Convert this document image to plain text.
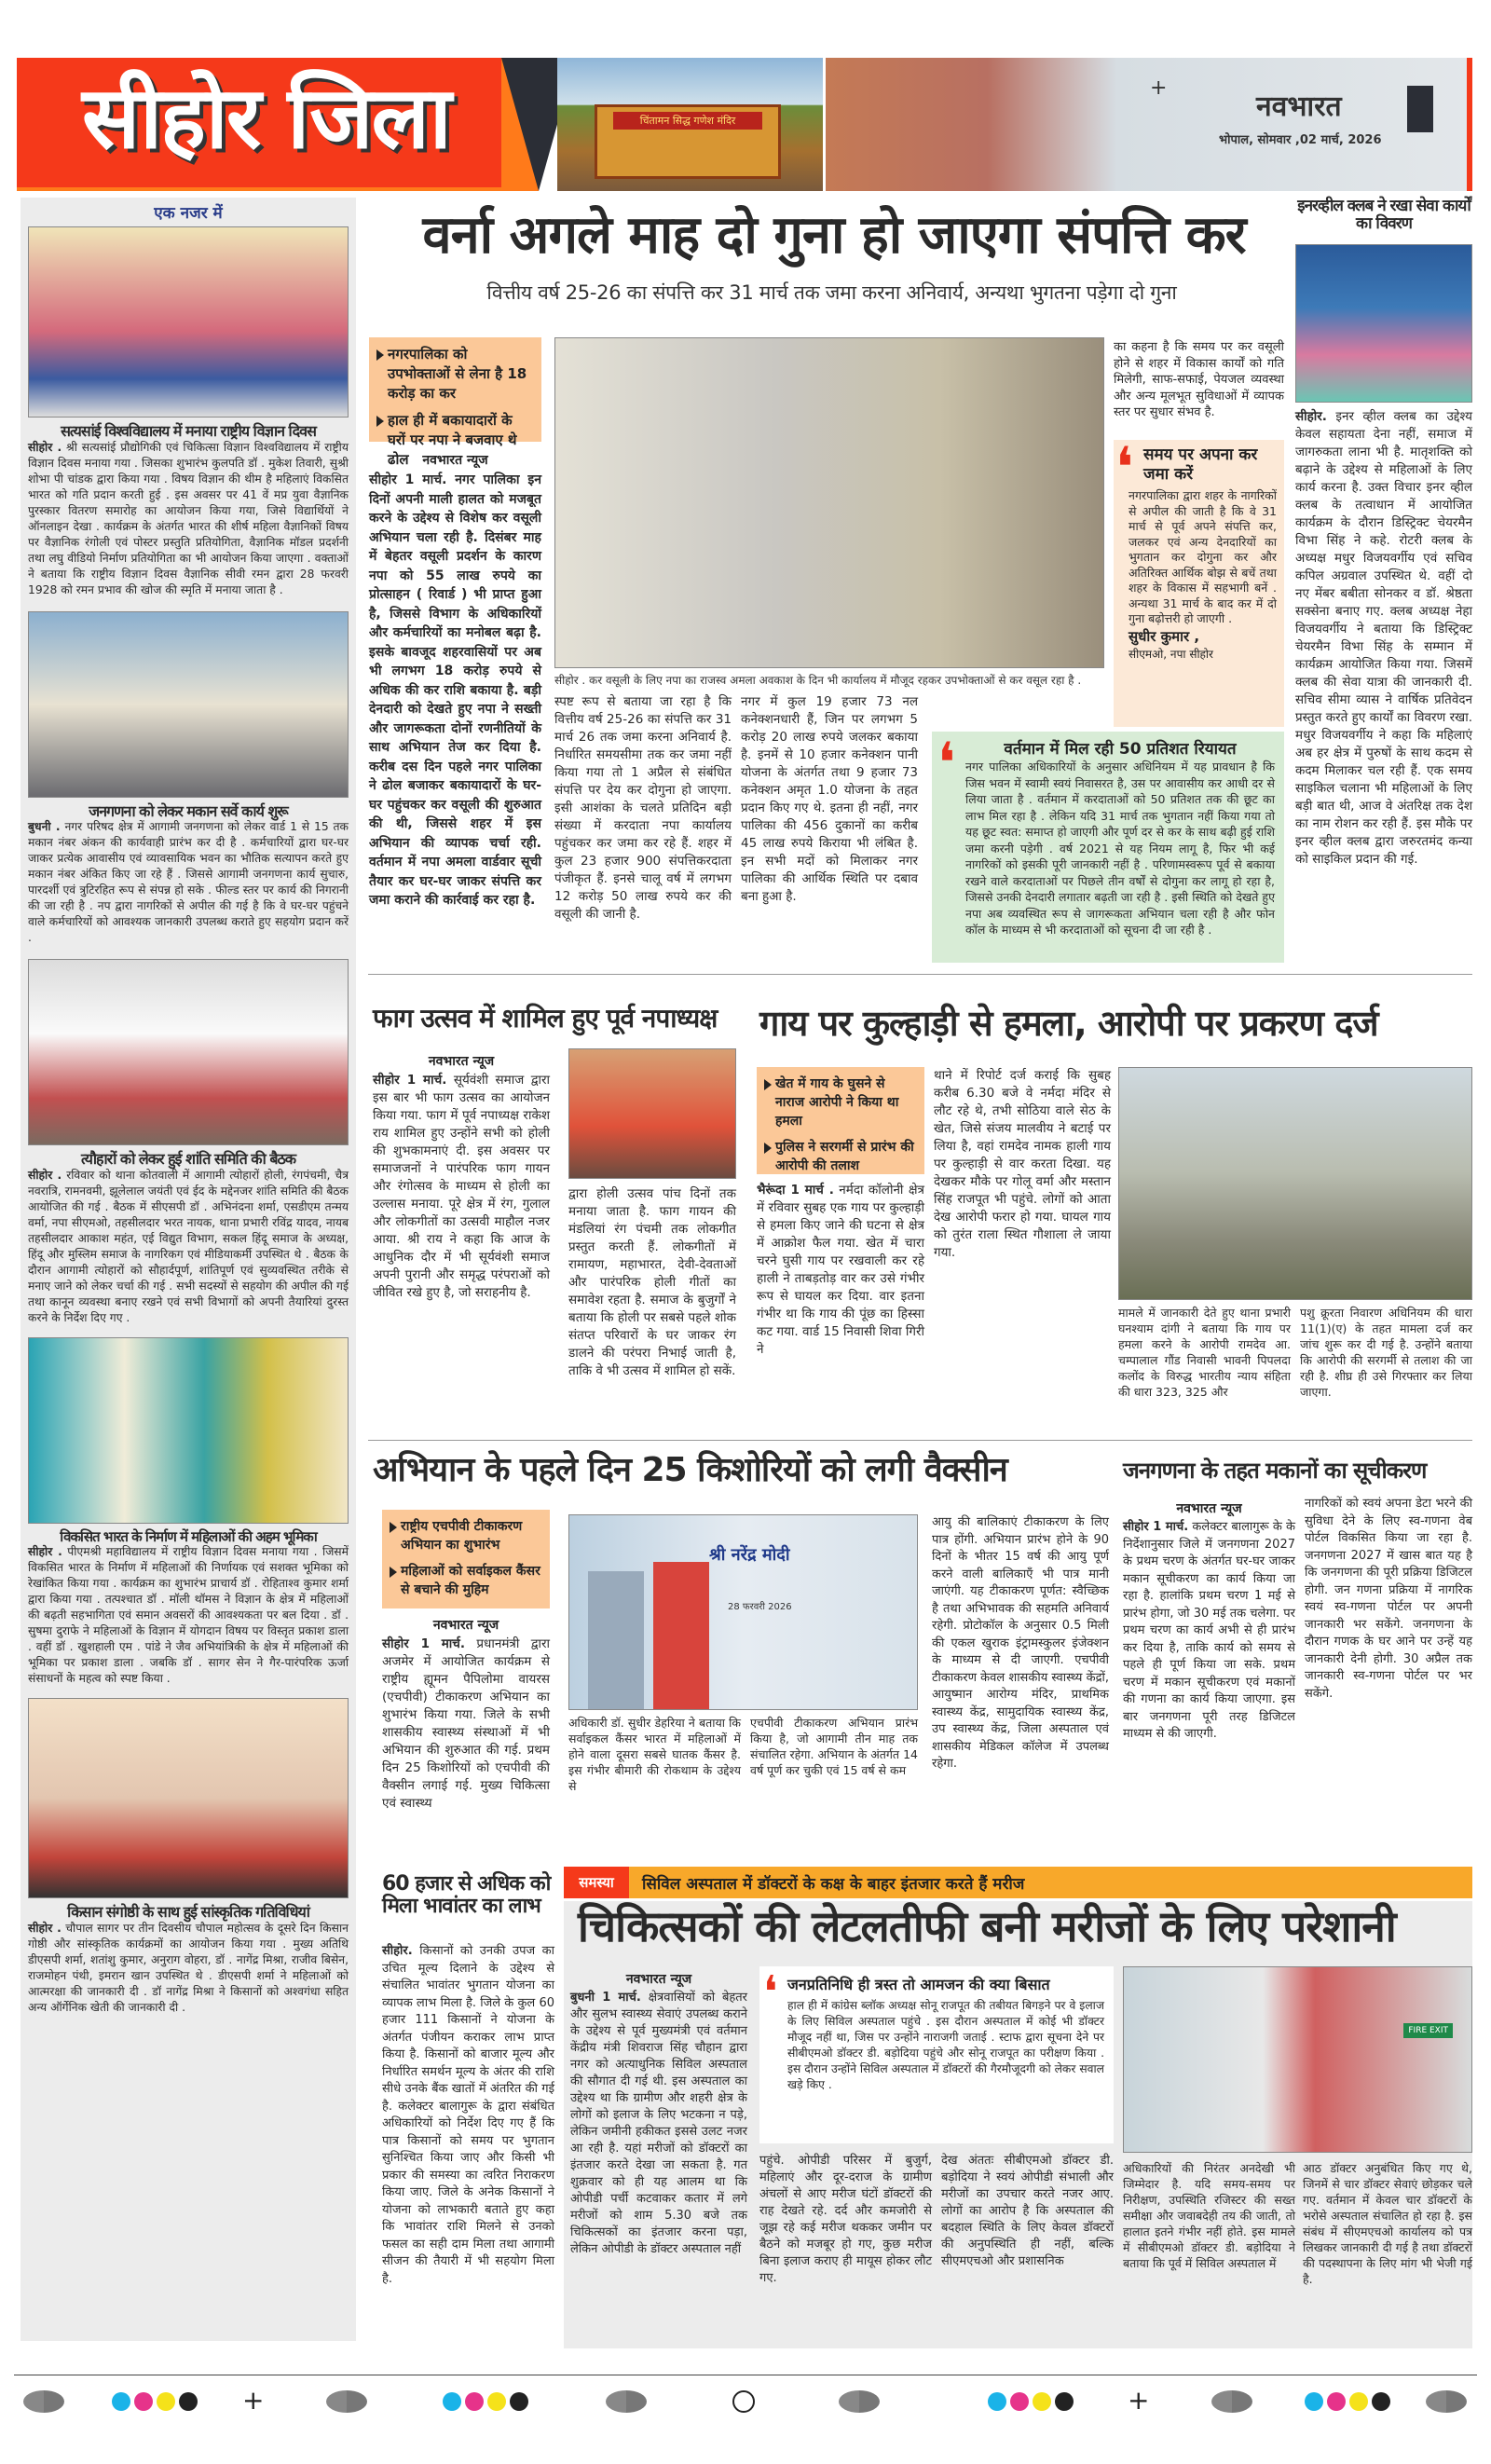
सीहोर जिला	चिंतामन सिद्ध गणेश मंदिर
+
नवभारत
भोपाल, सोमवार ,02 मार्च, 2026
एक नजर में
सत्यसांई विश्वविद्यालय में मनाया राष्ट्रीय विज्ञान दिवस
सीहोर . श्री सत्यसांई प्रौद्योगिकी एवं चिकित्सा विज्ञान विश्वविद्यालय में राष्ट्रीय विज्ञान दिवस मनाया गया . जिसका शुभारंभ कुलपति डॉ . मुकेश तिवारी, सुश्री शोभा पी चांडक द्वारा किया गया . विषय विज्ञान की थीम है महिलाएं विकसित भारत को गति प्रदान करती हुई . इस अवसर पर 41 वें मप्र युवा वैज्ञानिक पुरस्कार वितरण समारोह का आयोजन किया गया, जिसे विद्यार्थियों ने ऑनलाइन देखा . कार्यक्रम के अंतर्गत भारत की शीर्ष महिला वैज्ञानिकों विषय पर वैज्ञानिक रंगोली एवं पोस्टर प्रस्तुति प्रतियोगिता, वैज्ञानिक मॉडल प्रदर्शनी तथा लघु वीडियो निर्माण प्रतियोगिता का भी आयोजन किया जाएगा . वक्ताओं ने बताया कि राष्ट्रीय विज्ञान दिवस वैज्ञानिक सीवी रमन द्वारा 28 फरवरी 1928 को रमन प्रभाव की खोज की स्मृति में मनाया जाता है .
जनगणना को लेकर मकान सर्वे कार्य शुरू
बुधनी . नगर परिषद क्षेत्र में आगामी जनगणना को लेकर वार्ड 1 से 15 तक मकान नंबर अंकन की कार्यवाही प्रारंभ कर दी है . कर्मचारियों द्वारा घर-घर जाकर प्रत्येक आवासीय एवं व्यावसायिक भवन का भौतिक सत्यापन करते हुए मकान नंबर अंकित किए जा रहे हैं . जिससे आगामी जनगणना कार्य सुचारु, पारदर्शी एवं त्रुटिरहित रूप से संपन्न हो सके . फील्ड स्तर पर कार्य की निगरानी की जा रही है . नप द्वारा नागरिकों से अपील की गई है कि वे घर-घर पहुंचने वाले कर्मचारियों को आवश्यक जानकारी उपलब्ध कराते हुए सहयोग प्रदान करें .
त्यौहारों को लेकर हुई शांति समिति की बैठक
सीहोर . रविवार को थाना कोतवाली में आगामी त्योहारों होली, रंगपंचमी, चैत्र नवरात्रि, रामनवमी, झूलेलाल जयंती एवं ईद के मद्देनजर शांति समिति की बैठक आयोजित की गई . बैठक में सीएसपी डॉ . अभिनंदना शर्मा, एसडीएम तन्मय वर्मा, नपा सीएमओ, तहसीलदार भरत नायक, थाना प्रभारी रविंद्र यादव, नायब तहसीलदार आकाश महंत, एई विद्युत विभाग, सकल हिंदू समाज के अध्यक्ष, हिंदू और मुस्लिम समाज के नागरिकग एवं मीडियाकर्मी उपस्थित थे . बैठक के दौरान आगामी त्योहारों को सौहार्दपूर्ण, शांतिपूर्ण एवं सुव्यवस्थित तरीके से मनाए जाने को लेकर चर्चा की गई . सभी सदस्यों से सहयोग की अपील की गई तथा कानून व्यवस्था बनाए रखने एवं सभी विभागों को अपनी तैयारियां दुरस्त करने के निर्देश दिए गए .
विकसित भारत के निर्माण में महिलाओं की अहम भूमिका
सीहोर . पीएमश्री महाविद्यालय में राष्ट्रीय विज्ञान दिवस मनाया गया . जिसमें विकसित भारत के निर्माण में महिलाओं की निर्णायक एवं सशक्त भूमिका को रेखांकित किया गया . कार्यक्रम का शुभारंभ प्राचार्य डॉ . रोहिताश्व कुमार शर्मा द्वारा किया गया . तत्पश्चात डॉ . मॉली थॉमस ने विज्ञान के क्षेत्र में महिलाओं की बढ़ती सहभागिता एवं समान अवसरों की आवश्यकता पर बल दिया . डॉ . सुषमा दुराफे ने महिलाओं के विज्ञान में योगदान विषय पर विस्तृत प्रकाश डाला . वहीं डॉ . खुशहाली एम . पांडे ने जैव अभियांत्रिकी के क्षेत्र में महिलाओं की भूमिका पर प्रकाश डाला . जबकि डॉ . सागर सेन ने गैर-पारंपरिक ऊर्जा संसाधनों के महत्व को स्पष्ट किया .
किसान संगोष्ठी के साथ हुई सांस्कृतिक गतिविधियां
सीहोर . चौपाल सागर पर तीन दिवसीय चौपाल महोत्सव के दूसरे दिन किसान गोष्ठी और सांस्कृतिक कार्यक्रमों का आयोजन किया गया . मुख्य अतिथि डीएसपी शर्मा, शतांशु कुमार, अनुराग वोहरा, डॉ . नागेंद्र मिश्रा, राजीव बिसेन, राजमोहन पंथी, इमरान खान उपस्थित थे . डीएसपी शर्मा ने महिलाओं को आत्मरक्षा की जानकारी दी . डॉ नागेंद्र मिश्रा ने किसानों को अश्वगंधा सहित अन्य ऑर्गेनिक खेती की जानकारी दी .
वर्ना अगले माह दो गुना हो जाएगा संपत्ति कर
वित्तीय वर्ष 25-26 का संपत्ति कर 31 मार्च तक जमा करना अनिवार्य, अन्यथा भुगतना पड़ेगा दो गुना

नगरपालिका को उपभोक्ताओं से लेना है 18 करोड़ का कर

हाल ही में बकायादारों के घरों पर नपा ने बजवाए थे ढोल	नवभारत न्यूज
सीहोर 1 मार्च. नगर पालिका इन दिनों अपनी माली हालत को मजबूत करने के उद्देश्य से विशेष कर वसूली अभियान चला रही है. दिसंबर माह में बेहतर वसूली प्रदर्शन के कारण नपा को 55 लाख रुपये का प्रोत्साहन ( रिवार्ड ) भी प्राप्त हुआ है, जिससे विभाग के अधिकारियों और कर्मचारियों का मनोबल बढ़ा है. इसके बावजूद शहरवासियों पर अब भी लगभग 18 करोड़ रुपये से अधिक की कर राशि बकाया है. बड़ी देनदारी को देखते हुए नपा ने सख्ती और जागरूकता दोनों रणनीतियों के साथ अभियान तेज कर दिया है. करीब दस दिन पहले नगर पालिका ने ढोल बजाकर बकायादारों के घर-घर पहुंचकर कर वसूली की शुरुआत की थी, जिससे शहर में इस अभियान की व्यापक चर्चा रही. वर्तमान में नपा अमला वार्डवार सूची तैयार कर घर-घर जाकर संपत्ति कर जमा कराने की कार्रवाई कर रहा है.
सीहोर . कर वसूली के लिए नपा का राजस्व अमला अवकाश के दिन भी कार्यालय में मौजूद रहकर उपभोक्ताओं से कर वसूल रहा है .
स्पष्ट रूप से बताया जा रहा है कि वित्तीय वर्ष 25-26 का संपत्ति कर 31 मार्च 26 तक जमा करना अनिवार्य है. निर्धारित समयसीमा तक कर जमा नहीं किया गया तो 1 अप्रैल से संबंधित संपत्ति पर देय कर दोगुना हो जाएगा. इसी आशंका के चलते प्रतिदिन बड़ी संख्या में करदाता नपा कार्यालय पहुंचकर कर जमा कर रहे हैं. शहर में कुल 23 हजार 900 संपत्तिकरदाता पंजीकृत हैं. इनसे चालू वर्ष में लगभग 12 करोड़ 50 लाख रुपये कर की वसूली की जानी है.
नगर में कुल 19 हजार 73 नल कनेक्शनधारी हैं, जिन पर लगभग 5 करोड़ 20 लाख रुपये जलकर बकाया है. इनमें से 10 हजार कनेक्शन पानी योजना के अंतर्गत तथा 9 हजार 73 कनेक्शन अमृत 1.0 योजना के तहत प्रदान किए गए थे. इतना ही नहीं, नगर पालिका की 456 दुकानों का करीब 45 लाख रुपये किराया भी लंबित है. इन सभी मदों को मिलाकर नगर पालिका की आर्थिक स्थिति पर दबाव बना हुआ है.
का कहना है कि समय पर कर वसूली होने से शहर में विकास कार्यों को गति मिलेगी, साफ-सफाई, पेयजल व्यवस्था और अन्य मूलभूत सुविधाओं में व्यापक स्तर पर सुधार संभव है.
❛ समय पर अपना कर जमा करें
नगरपालिका द्वारा शहर के नागरिकों से अपील की जाती है कि वे 31 मार्च से पूर्व अपने संपत्ति कर, जलकर एवं अन्य देनदारियों का भुगतान कर दोगुना कर और अतिरिक्त आर्थिक बोझ से बचें तथा शहर के विकास में सहभागी बनें . अन्यथा 31 मार्च के बाद कर में दो गुना बढ़ोत्तरी हो जाएगी .
सुधीर कुमार ,
सीएमओ, नपा सीहोर
❛	वर्तमान में मिल रही 50 प्रतिशत रियायत
नगर पालिका अधिकारियों के अनुसार अधिनियम में यह प्रावधान है कि जिस भवन में स्वामी स्वयं निवासरत है, उस पर आवासीय कर आधी दर से लिया जाता है . वर्तमान में करदाताओं को 50 प्रतिशत तक की छूट का लाभ मिल रहा है . लेकिन यदि 31 मार्च तक भुगतान नहीं किया गया तो यह छूट स्वत: समाप्त हो जाएगी और पूर्ण दर से कर के साथ बढ़ी हुई राशि जमा करनी पड़ेगी . वर्ष 2021 से यह नियम लागू है, फिर भी कई नागरिकों को इसकी पूरी जानकारी नहीं है . परिणामस्वरूप पूर्व से बकाया रखने वाले करदाताओं पर पिछले तीन वर्षों से दोगुना कर लागू हो रहा है, जिससे उनकी देनदारी लगातार बढ़ती जा रही है . इसी स्थिति को देखते हुए नपा अब व्यवस्थित रूप से जागरूकता अभियान चला रही है और फोन कॉल के माध्यम से भी करदाताओं को सूचना दी जा रही है .
इनरव्हील क्लब ने रखा सेवा कार्यों का विवरण
सीहोर. इनर व्हील क्लब का उद्देश्य केवल सहायता देना नहीं, समाज में जागरुकता लाना भी है. मातृशक्ति को बढ़ाने के उद्देश्य से महिलाओं के लिए कार्य करना है. उक्त विचार इनर व्हील क्लब के तत्वाधान में आयोजित कार्यक्रम के दौरान डिस्ट्रिक्ट चेयरमैन विभा सिंह ने कहे. रोटरी क्लब के अध्यक्ष मधुर विजयवर्गीय एवं सचिव कपिल अग्रवाल उपस्थित थे. वहीं दो नए मेंबर बबीता सोनकर व डॉ. श्रेष्ठता सक्सेना बनाए गए. क्लब अध्यक्ष नेहा विजयवर्गीय ने बताया कि डिस्ट्रिक्ट चेयरमैन विभा सिंह के सम्मान में कार्यक्रम आयोजित किया गया. जिसमें क्लब की सेवा यात्रा की जानकारी दी. सचिव सीमा व्यास ने वार्षिक प्रतिवेदन प्रस्तुत करते हुए कार्यों का विवरण रखा. मधुर विजयवर्गीय ने कहा कि महिलाएं अब हर क्षेत्र में पुरुषों के साथ कदम से कदम मिलाकर चल रही हैं. एक समय साइकिल चलाना भी महिलाओं के लिए बड़ी बात थी, आज वे अंतरिक्ष तक देश का नाम रोशन कर रही हैं. इस मौके पर इनर व्हील क्लब द्वारा जरुरतमंद कन्या को साइकिल प्रदान की गई.
फाग उत्सव में शामिल हुए पूर्व नपाध्यक्ष
नवभारत न्यूज
सीहोर 1 मार्च. सूर्यवंशी समाज द्वारा इस बार भी फाग उत्सव का आयोजन किया गया. फाग में पूर्व नपाध्यक्ष राकेश राय शामिल हुए उन्होंने सभी को होली की शुभकामनाएं दी. इस अवसर पर समाजजनों ने पारंपरिक फाग गायन और रंगोत्सव के माध्यम से होली का उल्लास मनाया. पूरे क्षेत्र में रंग, गुलाल और लोकगीतों का उत्सवी माहौल नजर आया. श्री राय ने कहा कि आज के आधुनिक दौर में भी सूर्यवंशी समाज अपनी पुरानी और समृद्ध परंपराओं को जीवित रखे हुए है, जो सराहनीय है.
द्वारा होली उत्सव पांच दिनों तक मनाया जाता है. फाग गायन की मंडलियां रंग पंचमी तक लोकगीत प्रस्तुत करती हैं. लोकगीतों में रामायण, महाभारत, देवी-देवताओं और पारंपरिक होली गीतों का समावेश रहता है. समाज के बुजुर्गों ने बताया कि होली पर सबसे पहले शोक संतप्त परिवारों के घर जाकर रंग डालने की परंपरा निभाई जाती है, ताकि वे भी उत्सव में शामिल हो सकें.
गाय पर कुल्हाड़ी से हमला, आरोपी पर प्रकरण दर्ज

खेत में गाय के घुसने से नाराज आरोपी ने किया था हमला

पुलिस ने सरगर्मी से प्रारंभ की आरोपी की तलाश

भैरूंदा 1 मार्च . नर्मदा कॉलोनी क्षेत्र में रविवार सुबह एक गाय पर कुल्हाड़ी से हमला किए जाने की घटना से क्षेत्र में आक्रोश फैल गया. खेत में चारा चरने घुसी गाय पर रखवाली कर रहे हाली ने ताबड़तोड़ वार कर उसे गंभीर रूप से घायल कर दिया. वार इतना गंभीर था कि गाय की पूंछ का हिस्सा कट गया. वार्ड 15 निवासी शिवा गिरी ने
थाने में रिपोर्ट दर्ज कराई कि सुबह करीब 6.30 बजे वे नर्मदा मंदिर से लौट रहे थे, तभी सोठिया वाले सेठ के खेत, जिसे संजय मालवीय ने बटाई पर लिया है, वहां रामदेव नामक हाली गाय पर कुल्हाड़ी से वार करता दिखा. यह देखकर मौके पर गोलू वर्मा और मस्तान सिंह राजपूत भी पहुंचे. लोगों को आता देख आरोपी फरार हो गया. घायल गाय को तुरंत राला स्थित गौशाला ले जाया गया.
मामले में जानकारी देते हुए थाना प्रभारी घनश्याम दांगी ने बताया कि गाय पर हमला करने के आरोपी रामदेव आ. चम्पालाल गौंड निवासी भावनी पिपलदा कलोंद के विरुद्ध भारतीय न्याय संहिता की धारा 323, 325 और
पशु क्रूरता निवारण अधिनियम की धारा 11(1)(ए) के तहत मामला दर्ज कर जांच शुरू कर दी गई है. उन्होंने बताया कि आरोपी की सरगर्मी से तलाश की जा रही है. शीघ्र ही उसे गिरफ्तार कर लिया जाएगा.
अभियान के पहले दिन 25 किशोरियों को लगी वैक्सीन

राष्ट्रीय एचपीवी टीकाकरण अभियान का शुभारंभ

महिलाओं को सर्वाइकल कैंसर से बचाने की मुहिम

नवभारत न्यूज
सीहोर 1 मार्च. प्रधानमंत्री द्वारा अजमेर में आयोजित कार्यक्रम से राष्ट्रीय ह्यूमन पैपिलोमा वायरस (एचपीवी) टीकाकरण अभियान का शुभारंभ किया गया. जिले के सभी शासकीय स्वास्थ्य संस्थाओं में भी अभियान की शुरुआत की गई. प्रथम दिन 25 किशोरियों को एचपीवी की वैक्सीन लगाई गई. मुख्य चिकित्सा एवं स्वास्थ्य
श्री नरेंद्र मोदी
28 फरवरी 2026
अधिकारी डॉ. सुधीर डेहरिया ने बताया कि सर्वाइकल कैंसर भारत में महिलाओं में होने वाला दूसरा सबसे घातक कैंसर है. इस गंभीर बीमारी की रोकथाम के उद्देश्य से
एचपीवी टीकाकरण अभियान प्रारंभ किया है, जो आगामी तीन माह तक संचालित रहेगा. अभियान के अंतर्गत 14 वर्ष पूर्ण कर चुकी एवं 15 वर्ष से कम
आयु की बालिकाएं टीकाकरण के लिए पात्र होंगी. अभियान प्रारंभ होने के 90 दिनों के भीतर 15 वर्ष की आयु पूर्ण करने वाली बालिकाएँ भी पात्र मानी जाएंगी. यह टीकाकरण पूर्णत: स्वैच्छिक है तथा अभिभावक की सहमति अनिवार्य रहेगी. प्रोटोकॉल के अनुसार 0.5 मिली की एकल खुराक इंट्रामस्कुलर इंजेक्शन के माध्यम से दी जाएगी. एचपीवी टीकाकरण केवल शासकीय स्वास्थ्य केंद्रों, आयुष्मान आरोग्य मंदिर, प्राथमिक स्वास्थ्य केंद्र, सामुदायिक स्वास्थ्य केंद्र, उप स्वास्थ्य केंद्र, जिला अस्पताल एवं शासकीय मेडिकल कॉलेज में उपलब्ध रहेगा.
जनगणना के तहत मकानों का सूचीकरण
नवभारत न्यूज
सीहोर 1 मार्च. कलेक्टर बालागुरू के के निर्देशानुसार जिले में जनगणना 2027 के प्रथम चरण के अंतर्गत घर-घर जाकर मकान सूचीकरण का कार्य किया जा रहा है. हालांकि प्रथम चरण 1 मई से प्रारंभ होगा, जो 30 मई तक चलेगा. पर प्रथम चरण का कार्य अभी से ही प्रारंभ कर दिया है, ताकि कार्य को समय से पहले ही पूर्ण किया जा सके. प्रथम चरण में मकान सूचीकरण एवं मकानों की गणना का कार्य किया जाएगा. इस बार जनगणना पूरी तरह डिजिटल माध्यम से की जाएगी.
नागरिकों को स्वयं अपना डेटा भरने की सुविधा देने के लिए स्व-गणना वेब पोर्टल विकसित किया जा रहा है. जनगणना 2027 में खास बात यह है कि जनगणना की पूरी प्रक्रिया डिजिटल होगी. जन गणना प्रक्रिया में नागरिक स्वयं स्व-गणना पोर्टल पर अपनी जानकारी भर सकेंगे. जनगणना के दौरान गणक के घर आने पर उन्हें यह जानकारी देनी होगी. 30 अप्रैल तक जानकारी स्व-गणना पोर्टल पर भर सकेंगे.
60 हजार से अधिक को मिला भावांतर का लाभ
सीहोर. किसानों को उनकी उपज का उचित मूल्य दिलाने के उद्देश्य से संचालित भावांतर भुगतान योजना का व्यापक लाभ मिला है. जिले के कुल 60 हजार 111 किसानों ने योजना के अंतर्गत पंजीयन कराकर लाभ प्राप्त किया है. किसानों को बाजार मूल्य और निर्धारित समर्थन मूल्य के अंतर की राशि सीधे उनके बैंक खातों में अंतरित की गई है. कलेक्टर बालागुरू के द्वारा संबंधित अधिकारियों को निर्देश दिए गए हैं कि पात्र किसानों को समय पर भुगतान सुनिश्चित किया जाए और किसी भी प्रकार की समस्या का त्वरित निराकरण किया जाए. जिले के अनेक किसानों ने योजना को लाभकारी बताते हुए कहा कि भावांतर राशि मिलने से उनको फसल का सही दाम मिला तथा आगामी सीजन की तैयारी में भी सहयोग मिला है.
समस्या	सिविल अस्पताल में डॉक्टरों के कक्ष के बाहर इंतजार करते हैं मरीज
चिकित्सकों की लेटलतीफी बनी मरीजों के लिए परेशानी
नवभारत न्यूज
बुधनी 1 मार्च. क्षेत्रवासियों को बेहतर और सुलभ स्वास्थ्य सेवाएं उपलब्ध कराने के उद्देश्य से पूर्व मुख्यमंत्री एवं वर्तमान केंद्रीय मंत्री शिवराज सिंह चौहान द्वारा नगर को अत्याधुनिक सिविल अस्पताल की सौगात दी गई थी. इस अस्पताल का उद्देश्य था कि ग्रामीण और शहरी क्षेत्र के लोगों को इलाज के लिए भटकना न पड़े, लेकिन जमीनी हकीकत इससे उलट नजर आ रही है. यहां मरीजों को डॉक्टरों का इंतजार करते देखा जा सकता है. गत शुक्रवार को ही यह आलम था कि ओपीडी पर्ची कटवाकर कतार में लगे मरीजों को शाम 5.30 बजे तक चिकित्सकों का इंतजार करना पड़ा, लेकिन ओपीडी के डॉक्टर अस्पताल नहीं
❛ जनप्रतिनिधि ही त्रस्त तो आमजन की क्या बिसात
हाल ही में कांग्रेस ब्लॉक अध्यक्ष सोनू राजपूत की तबीयत बिगड़ने पर वे इलाज के लिए सिविल अस्पताल पहुंचे . इस दौरान अस्पताल में कोई भी डॉक्टर मौजूद नहीं था, जिस पर उन्होंने नाराजगी जताई . स्टाफ द्वारा सूचना देने पर सीबीएमओ डॉक्टर डी. बड़ोदिया पहुंचे और सोनू राजपूत का परीक्षण किया . इस दौरान उन्होंने सिविल अस्पताल में डॉक्टरों की गैरमौजूदगी को लेकर सवाल खड़े किए .
पहुंचे. ओपीडी परिसर में बुजुर्ग, महिलाएं और दूर-दराज के ग्रामीण अंचलों से आए मरीज घंटों डॉक्टरों की राह देखते रहे. दर्द और कमजोरी से जूझ रहे कई मरीज थककर जमीन पर बैठने को मजबूर हो गए, कुछ मरीज बिना इलाज कराए ही मायूस होकर लौट गए.
देख अंततः सीबीएमओ डॉक्टर डी. बड़ोदिया ने स्वयं ओपीडी संभाली और मरीजों का उपचार करते नजर आए. लोगों का आरोप है कि अस्पताल की बदहाल स्थिति के लिए केवल डॉक्टरों की अनुपस्थिति ही नहीं, बल्कि सीएमएचओ और प्रशासनिक
FIRE EXIT
अधिकारियों की निरंतर अनदेखी भी जिम्मेदार है. यदि समय-समय पर निरीक्षण, उपस्थिति रजिस्टर की सख्त समीक्षा और जवाबदेही तय की जाती, तो हालात इतने गंभीर नहीं होते. इस मामले में सीबीएमओ डॉक्टर डी. बड़ोदिया ने बताया कि पूर्व में सिविल अस्पताल में
आठ डॉक्टर अनुबंधित किए गए थे, जिनमें से चार डॉक्टर सेवाएं छोड़कर चले गए. वर्तमान में केवल चार डॉक्टरों के भरोसे अस्पताल संचालित हो रहा है. इस संबंध में सीएमएचओ कार्यालय को पत्र लिखकर जानकारी दी गई है तथा डॉक्टरों की पदस्थापना के लिए मांग भी भेजी गई है.
+	+
